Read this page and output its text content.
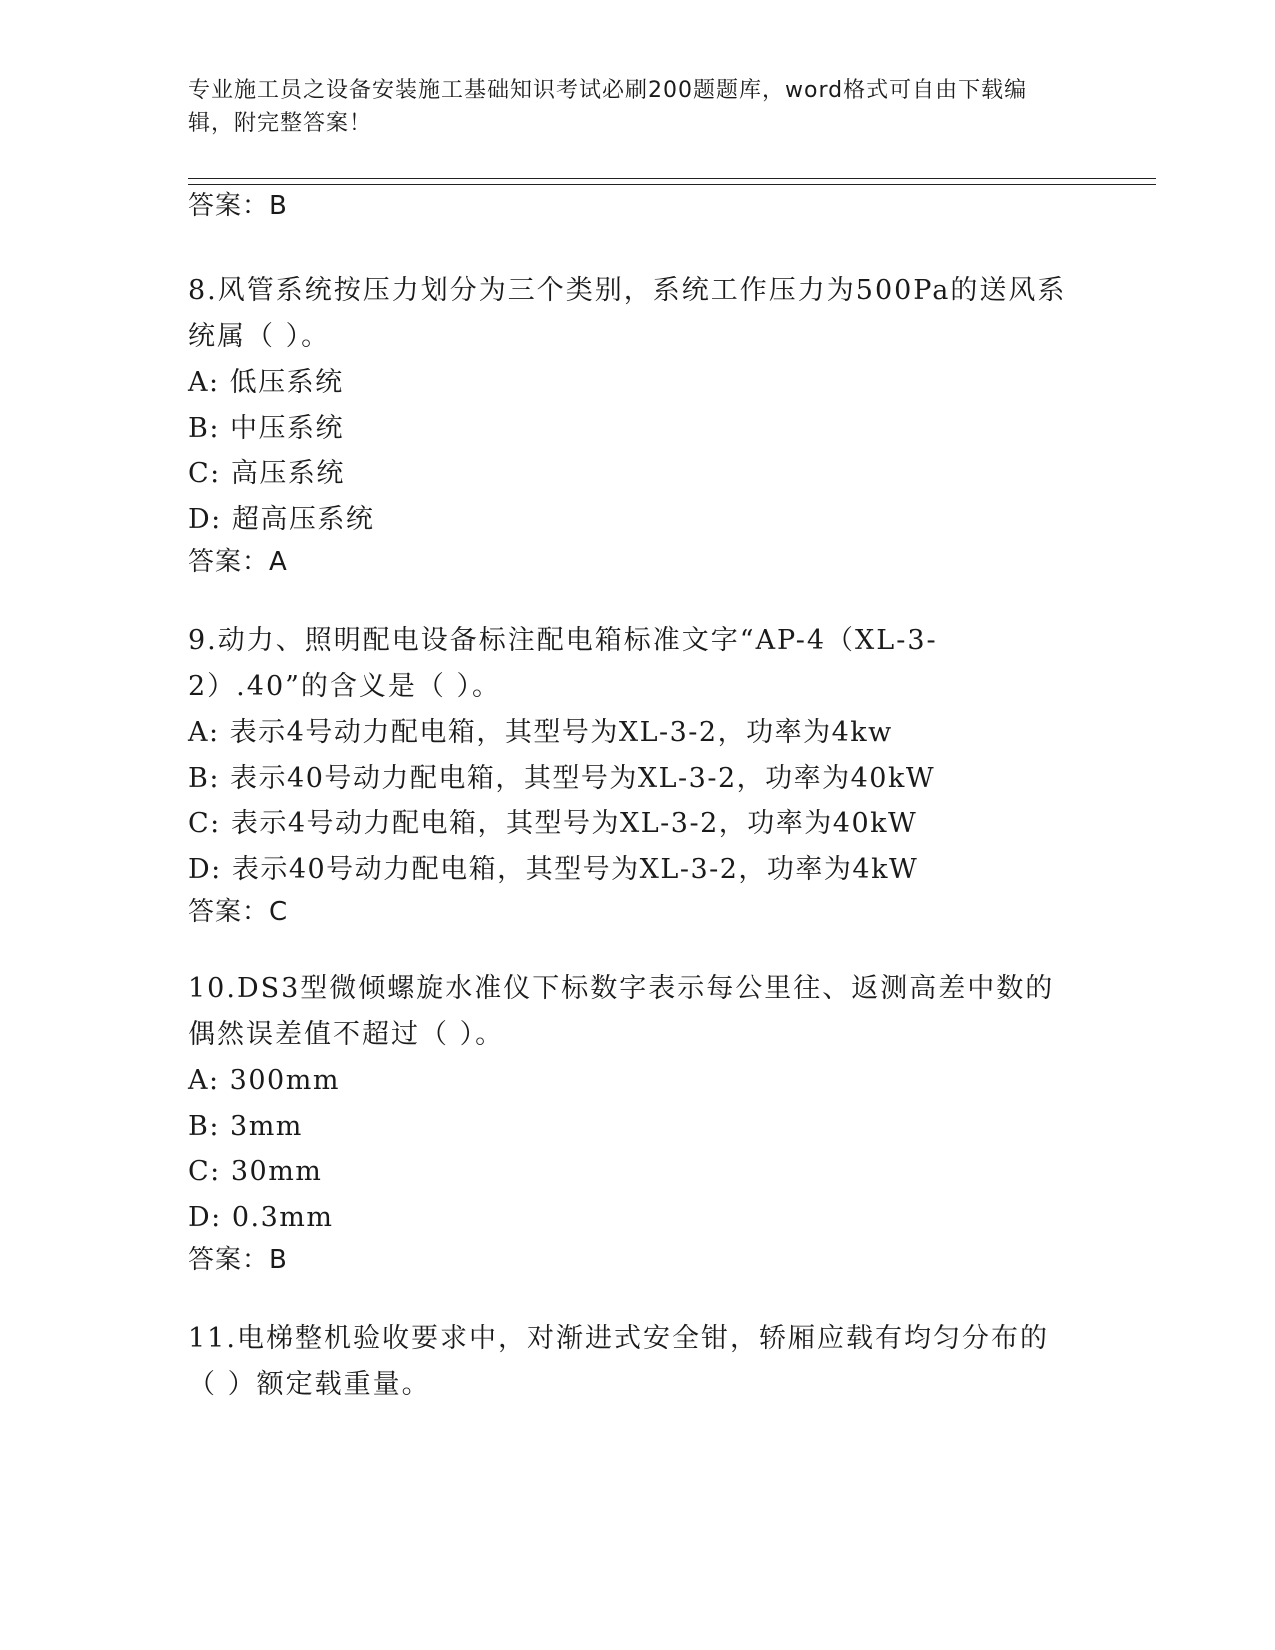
专业施工员之设备安装施工基础知识考试必刷200题题库，word格式可自由下载编辑，附完整答案！
答案：B
8.风管系统按压力划分为三个类别，系统工作压力为500Pa的送风系统属（ ）。
A: 低压系统
B: 中压系统
C: 高压系统
D: 超高压系统
答案：A
9.动力、照明配电设备标注配电箱标准文字“AP-4（XL-3-2）.40”的含义是（ ）。
A: 表示4号动力配电箱，其型号为XL-3-2，功率为4kw
B: 表示40号动力配电箱，其型号为XL-3-2，功率为40kW
C: 表示4号动力配电箱，其型号为XL-3-2，功率为40kW
D: 表示40号动力配电箱，其型号为XL-3-2，功率为4kW
答案：C
10.DS3型微倾螺旋水准仪下标数字表示每公里往、返测高差中数的偶然误差值不超过（ ）。
A: 300mm
B: 3mm
C: 30mm
D: 0.3mm
答案：B
11.电梯整机验收要求中，对渐进式安全钳，轿厢应载有均匀分布的（ ）额定载重量。
